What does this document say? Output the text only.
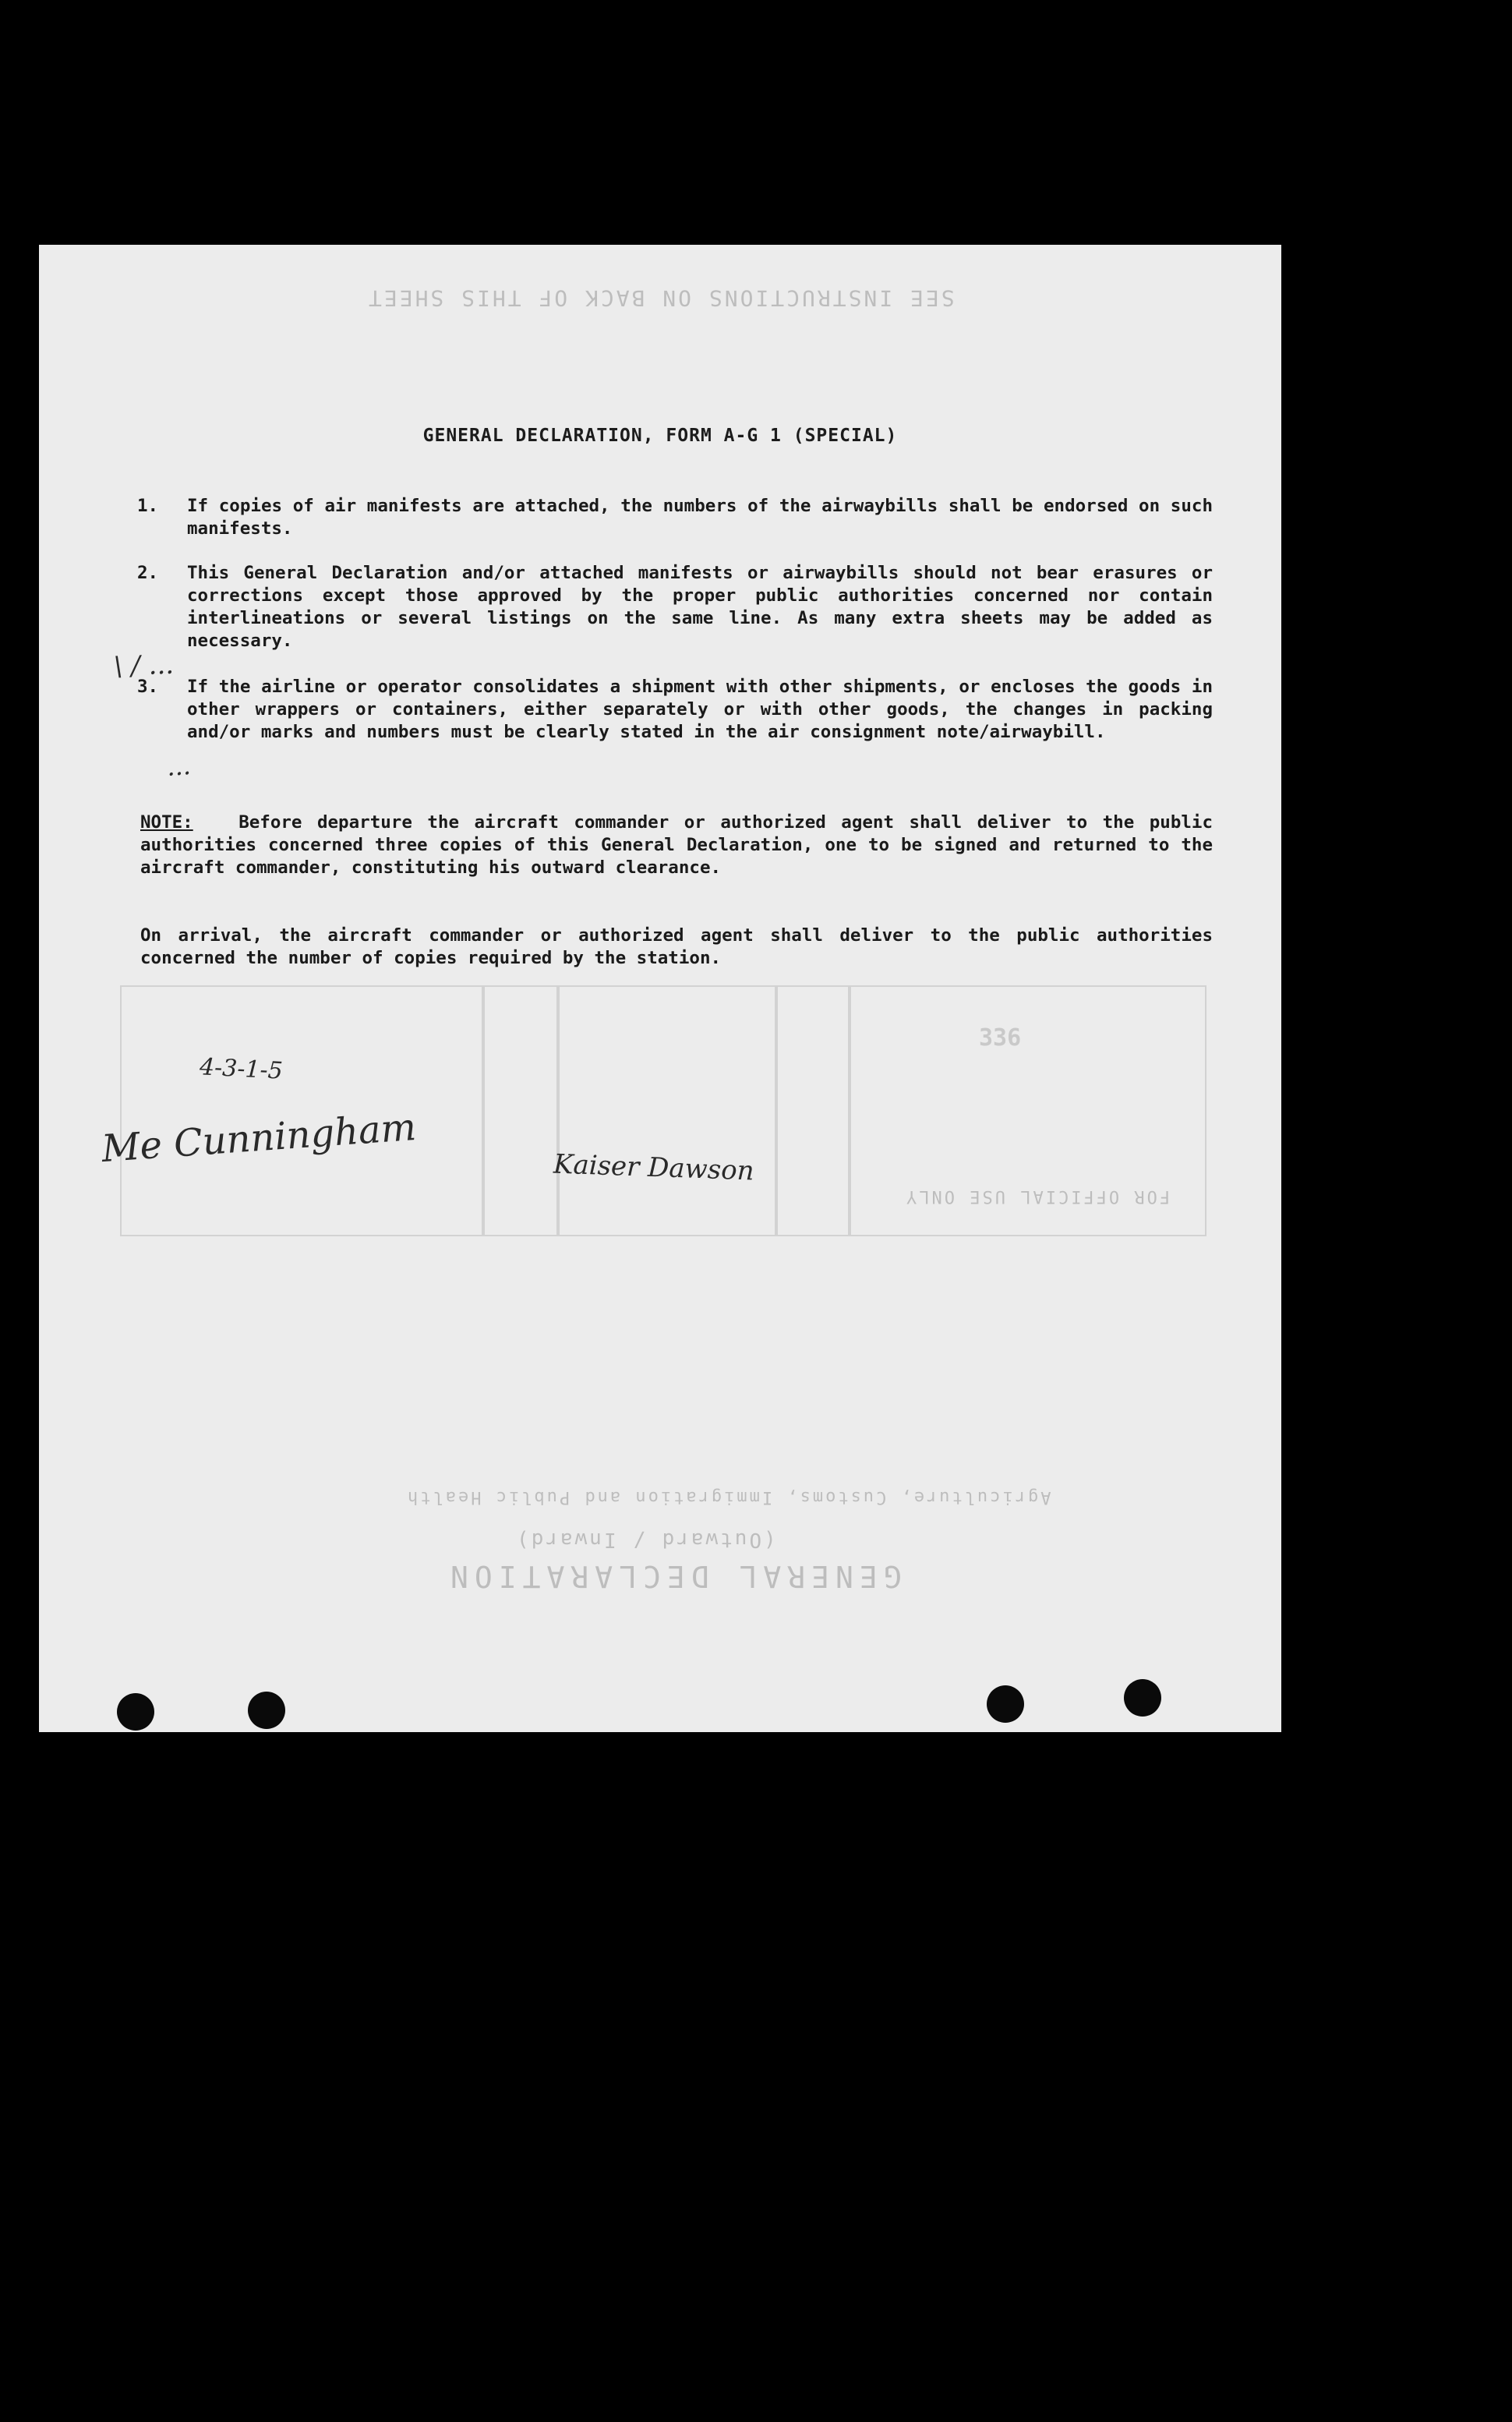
SEE INSTRUCTIONS ON BACK OF THIS SHEET
GENERAL DECLARATION
(Outward / Inward)
Agriculture, Customs, Immigration and Public Health
FOR OFFICIAL USE ONLY
336
GENERAL DECLARATION, FORM A-G 1 (SPECIAL)
1.	If copies of air manifests are attached, the numbers of the airwaybills shall be endorsed on such manifests.
2.	This General Declaration and/or attached manifests or airwaybills should not bear erasures or corrections except those approved by the proper public authorities concerned nor contain interlineations or several listings on the same line. As many extra sheets may be added as necessary.
3.	If the airline or operator consolidates a shipment with other shipments, or encloses the goods in other wrappers or containers, either separately or with other goods, the changes in packing and/or marks and numbers must be clearly stated in the air consignment note/airwaybill.
NOTE:	Before departure the aircraft commander or authorized agent shall deliver to the public authorities concerned three copies of this General Declaration, one to be signed and returned to the aircraft commander, constituting his outward clearance.
On arrival, the aircraft commander or authorized agent shall deliver to the public authorities concerned the number of copies required by the station.
\ / ...
...
4-3-1-5
Me Cunningham	Kaiser Dawson
